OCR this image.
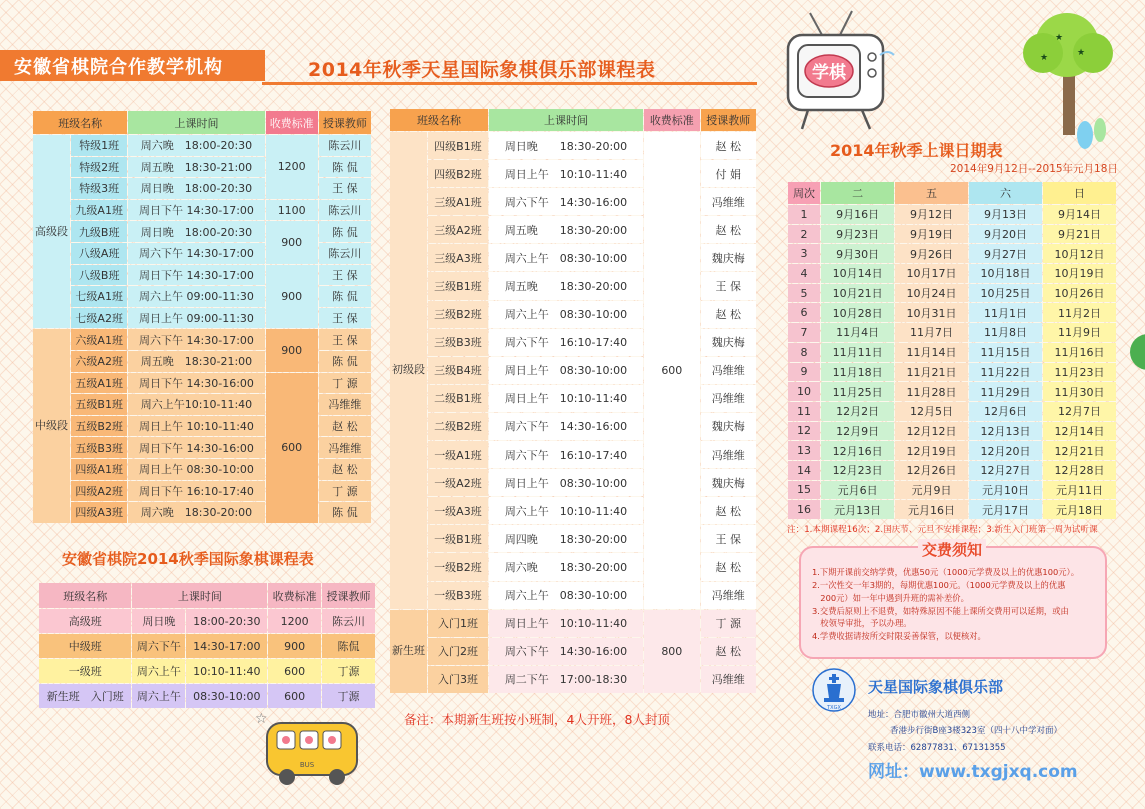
安徽省棋院合作教学机构	2014年秋季天星国际象棋俱乐部课程表
班级名称		上课时间	收费标准	授课教师

高级段	特级1班	周六晚　18:00-20:30	1200	陈云川
	特级2班	周五晚　18:30-21:00		陈 侃
	特级3班	周日晚　18:00-20:30		王 保
	九级A1班	周日下午 14:30-17:00	1100	陈云川
	九级B班	周日晚　18:00-20:30	900	陈 侃
	八级A班	周六下午 14:30-17:00		陈云川
	八级B班	周日下午 14:30-17:00	900	王 保
	七级A1班	周六上午 09:00-11:30		陈 侃
	七级A2班	周日上午 09:00-11:30		王 保

中级段	六级A1班	周六下午 14:30-17:00	900	王 保
	六级A2班	周五晚　18:30-21:00		陈 侃
	五级A1班	周日下午 14:30-16:00	600	丁 源
	五级B1班	周六上午10:10-11:40		冯维维
	五级B2班	周日上午 10:10-11:40		赵 松
	五级B3班	周日下午 14:30-16:00		冯维维
	四级A1班	周日上午 08:30-10:00		赵 松
	四级A2班	周日下午 16:10-17:40		丁 源
	四级A3班	周六晚　18:30-20:00		陈 侃
班级名称		上课时间	收费标准	授课教师

初级段	四级B1班	周日晚　　18:30-20:00	600	赵 松
	四级B2班	周日上午　10:10-11:40		付 娟
	三级A1班	周六下午　14:30-16:00		冯维维
	三级A2班	周五晚　　18:30-20:00		赵 松
	三级A3班	周六上午　08:30-10:00		魏庆梅
	三级B1班	周五晚　　18:30-20:00		王 保
	三级B2班	周六上午　08:30-10:00		赵 松
	三级B3班	周六下午　16:10-17:40		魏庆梅
	三级B4班	周日上午　08:30-10:00		冯维维
	二级B1班	周日上午　10:10-11:40		冯维维
	二级B2班	周六下午　14:30-16:00		魏庆梅
	一级A1班	周六下午　16:10-17:40		冯维维
	一级A2班	周日上午　08:30-10:00		魏庆梅
	一级A3班	周六上午　10:10-11:40		赵 松
	一级B1班	周四晚　　18:30-20:00		王 保
	一级B2班	周六晚　　18:30-20:00		赵 松
	一级B3班	周六上午　08:30-10:00		冯维维

新生班	入门1班	周日上午　10:10-11:40	800	丁 源
	入门2班	周六下午　14:30-16:00		赵 松
	入门3班	周二下午　17:00-18:30		冯维维
备注：本期新生班按小班制，4人开班，8人封顶
安徽省棋院2014秋季国际象棋课程表
班级名称	上课时间		收费标准	授课教师
高级班	周日晚	18:00-20:30	1200	陈云川
中级班	周六下午	14:30-17:00	900	陈侃
一级班	周六上午	10:10-11:40	600	丁源
新生班　入门班	周六上午	08:30-10:00	600	丁源
2014年秋季上课日期表
2014年9月12日--2015年元月18日
周次	二	五	六	日
1	9月16日	9月12日	9月13日	9月14日
2	9月23日	9月19日	9月20日	9月21日
3	9月30日	9月26日	9月27日	10月12日
4	10月14日	10月17日	10月18日	10月19日
5	10月21日	10月24日	10月25日	10月26日
6	10月28日	10月31日	11月1日	11月2日
7	11月4日	11月7日	11月8日	11月9日
8	11月11日	11月14日	11月15日	11月16日
9	11月18日	11月21日	11月22日	11月23日
10	11月25日	11月28日	11月29日	11月30日
11	12月2日	12月5日	12月6日	12月7日
12	12月9日	12月12日	12月13日	12月14日
13	12月16日	12月19日	12月20日	12月21日
14	12月23日	12月26日	12月27日	12月28日
15	元月6日	元月9日	元月10日	元月11日
16	元月13日	元月16日	元月17日	元月18日
注：1.本期课程16次；2.国庆节、元旦不安排课程；3.新生入门班第一周为试听课
交费须知
1.下期开课前交纳学费，优惠50元（1000元学费及以上的优惠100元）。
2.一次性交一年3期的，每期优惠100元。（1000元学费及以上的优惠
　200元）如一年中遇到升班的需补差价。
3.交费后原则上不退费，如特殊原因不能上课所交费用可以延期，或由
　校领导审批，予以办理。
4.学费收据请按所交时限妥善保管，以便核对。
TXGX
天星国际象棋俱乐部
地址：合肥市徽州大道西侧
香港步行街B座3楼323室（四十八中学对面）
联系电话：62877831、67131355
网址：www.txgjxq.com
学棋
★
★
★
☆
BUS
